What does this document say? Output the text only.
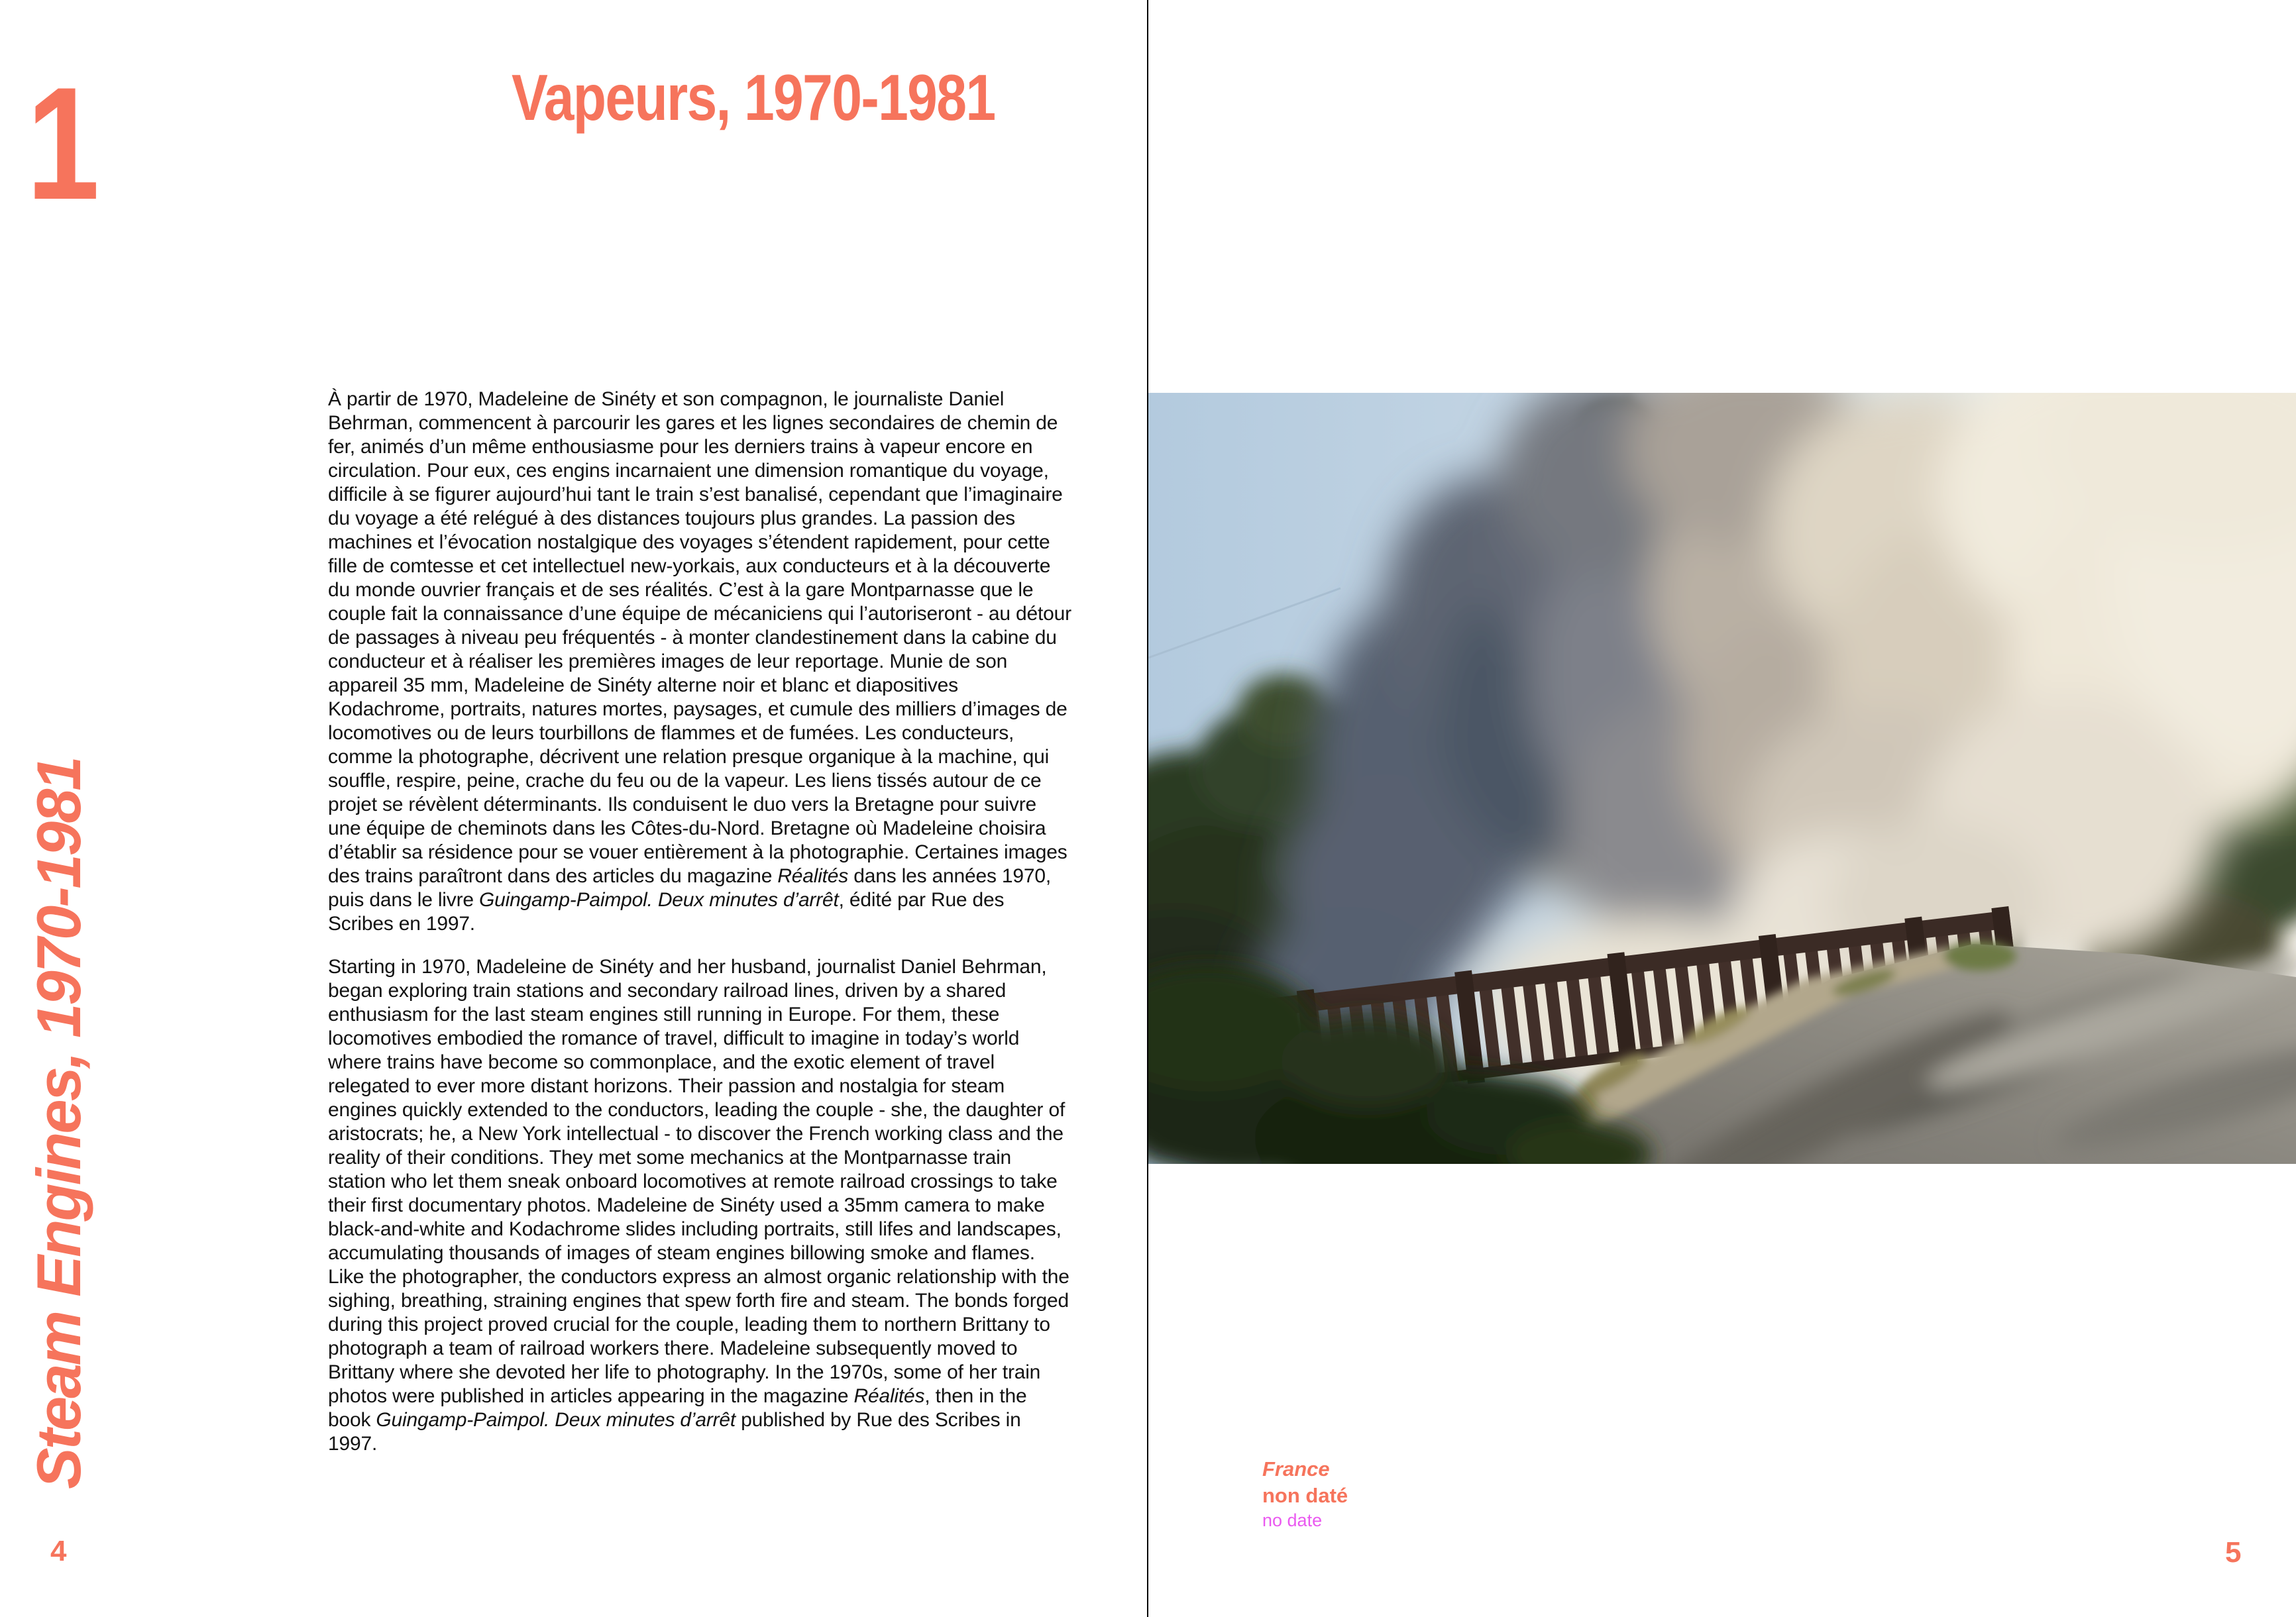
1	Vapeurs, 1970-1981
Steam Engines, 1970-1981

À partir de 1970, Madeleine de Sinéty et son compagnon, le journaliste Daniel Behrman, commencent à parcourir les gares et les lignes secondaires de chemin de fer, animés d’un même enthousiasme pour les derniers trains à vapeur encore en circulation. Pour eux, ces engins incarnaient une dimension romantique du voyage, difficile à se figurer aujourd’hui tant le train s’est banalisé, cependant que l’imaginaire du voyage a été relégué à des distances toujours plus grandes. La passion des machines et l’évocation nostalgique des voyages s’étendent rapidement, pour cette fille de comtesse et cet intellectuel new-yorkais, aux conducteurs et à la découverte du monde ouvrier français et de ses réalités. C’est à la gare Montparnasse que le couple fait la connaissance d’une équipe de mécaniciens qui l’autoriseront - au détour de passages à niveau peu fréquentés - à monter clandestinement dans la cabine du conducteur et à réaliser les premières images de leur reportage. Munie de son appareil 35 mm, Madeleine de Sinéty alterne noir et blanc et diapositives Kodachrome, portraits, natures mortes, paysages, et cumule des milliers d’images de locomotives ou de leurs tourbillons de flammes et de fumées. Les conducteurs, comme la photographe, décrivent une relation presque organique à la machine, qui souffle, respire, peine, crache du feu ou de la vapeur. Les liens tissés autour de ce projet se révèlent déterminants. Ils conduisent le duo vers la Bretagne pour suivre une équipe de cheminots dans les Côtes-du-Nord. Bretagne où Madeleine choisira d’établir sa résidence pour se vouer entièrement à la photographie. Certaines images des trains paraîtront dans des articles du magazine Réalités dans les années 1970, puis dans le livre Guingamp-Paimpol. Deux minutes d’arrêt, édité par Rue des Scribes en 1997.

Starting in 1970, Madeleine de Sinéty and her husband, journalist Daniel Behrman, began exploring train stations and secondary railroad lines, driven by a shared enthusiasm for the last steam engines still running in Europe. For them, these locomotives embodied the romance of travel, difficult to imagine in today’s world where trains have become so commonplace, and the exotic element of travel relegated to ever more distant horizons. Their passion and nostalgia for steam engines quickly extended to the conductors, leading the couple - she, the daughter of aristocrats; he, a New York intellectual - to discover the French working class and the reality of their conditions. They met some mechanics at the Montparnasse train station who let them sneak onboard locomotives at remote railroad crossings to take their first documentary photos. Madeleine de Sinéty used a 35mm camera to make black-and-white and Kodachrome slides including portraits, still lifes and landscapes, accumulating thousands of images of steam engines billowing smoke and flames. Like the photographer, the conductors express an almost organic relationship with the sighing, breathing, straining engines that spew forth fire and steam. The bonds forged during this project proved crucial for the couple, leading them to northern Brittany to photograph a team of railroad workers there. Madeleine subsequently moved to Brittany where she devoted her life to photography. In the 1970s, some of her train photos were published in articles appearing in the magazine Réalités, then in the book Guingamp-Paimpol. Deux minutes d’arrêt published by Rue des Scribes in 1997.

4

France

non daté

no date

5
